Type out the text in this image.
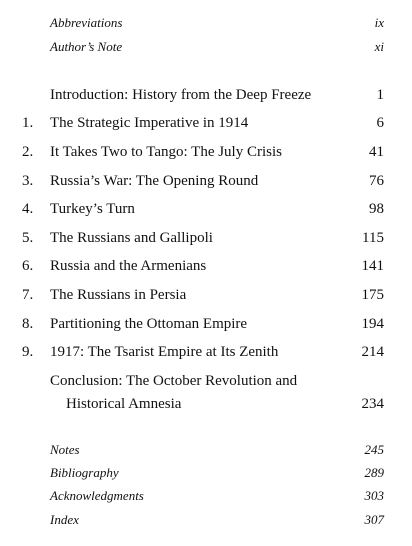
Abbreviations	ix
Author’s Note	xi
Introduction: History from the Deep Freeze	1
1. The Strategic Imperative in 1914	6
2. It Takes Two to Tango: The July Crisis	41
3. Russia’s War: The Opening Round	76
4. Turkey’s Turn	98
5. The Russians and Gallipoli	115
6. Russia and the Armenians	141
7. The Russians in Persia	175
8. Partitioning the Ottoman Empire	194
9. 1917: The Tsarist Empire at Its Zenith	214
Conclusion: The October Revolution and
Historical Amnesia	234
Notes	245
Bibliography	289
Acknowledgments	303
Index	307
